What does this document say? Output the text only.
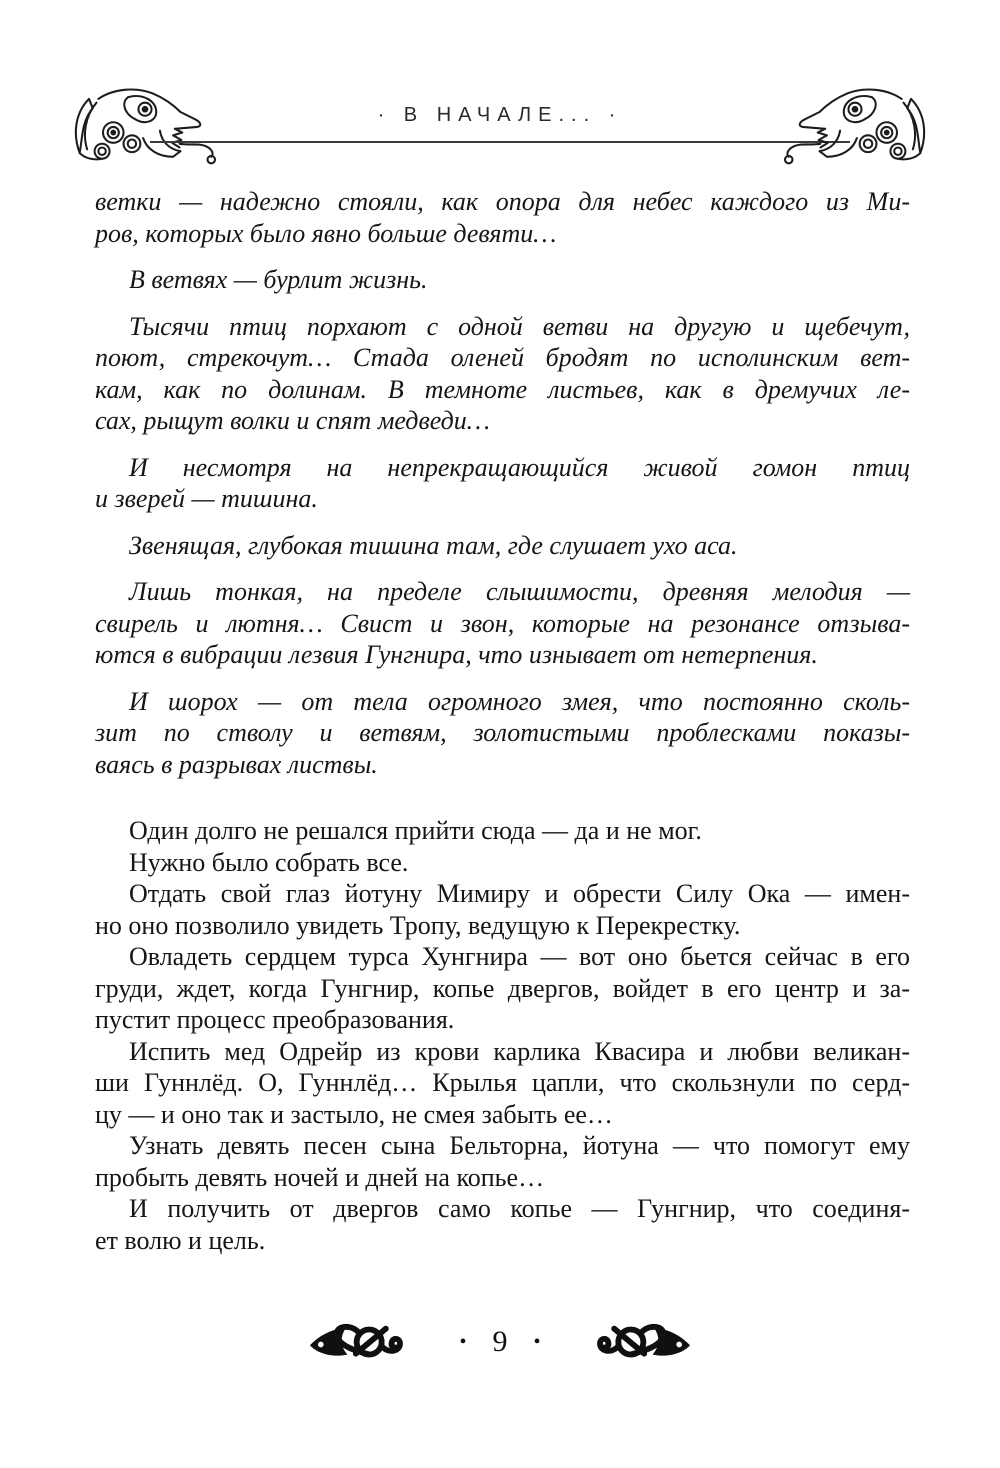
· В НАЧАЛЕ... ·

ветки — надежно стояли, как опора для небес каждого из Ми-
ров, которых было явно больше девяти…

В ветвях — бурлит жизнь.

Тысячи птиц порхают с одной ветви на другую и щебечут,
поют, стрекочут… Стада оленей бродят по исполинским вет-
кам, как по долинам. В темноте листьев, как в дремучих ле-
сах, рыщут волки и спят медведи…

И несмотря на непрекращающийся живой гомон птиц
и зверей — тишина.

Звенящая, глубокая тишина там, где слушает ухо аса.

Лишь тонкая, на пределе слышимости, древняя мелодия —
свирель и лютня… Свист и звон, которые на резонансе отзыва-
ются в вибрации лезвия Гунгнира, что изнывает от нетерпения.

И шорох — от тела огромного змея, что постоянно сколь-
зит по стволу и ветвям, золотистыми проблесками показы-
ваясь в разрывах листвы.

Один долго не решался прийти сюда — да и не мог.

Нужно было собрать все.

Отдать свой глаз йотуну Мимиру и обрести Силу Ока — имен-
но оно позволило увидеть Тропу, ведущую к Перекрестку.

Овладеть сердцем турса Хунгнира — вот оно бьется сейчас в его
груди, ждет, когда Гунгнир, копье двергов, войдет в его центр и за-
пустит процесс преобразования.

Испить мед Одрейр из крови карлика Квасира и любви великан-
ши Гуннлёд. О, Гуннлёд… Крылья цапли, что скользнули по серд-
цу — и оно так и застыло, не смея забыть ее…

Узнать девять песен сына Бельторна, йотуна — что помогут ему
пробыть девять ночей и дней на копье…

И получить от двергов само копье — Гунгнир, что соединя-
ет волю и цель.

• 9 •
